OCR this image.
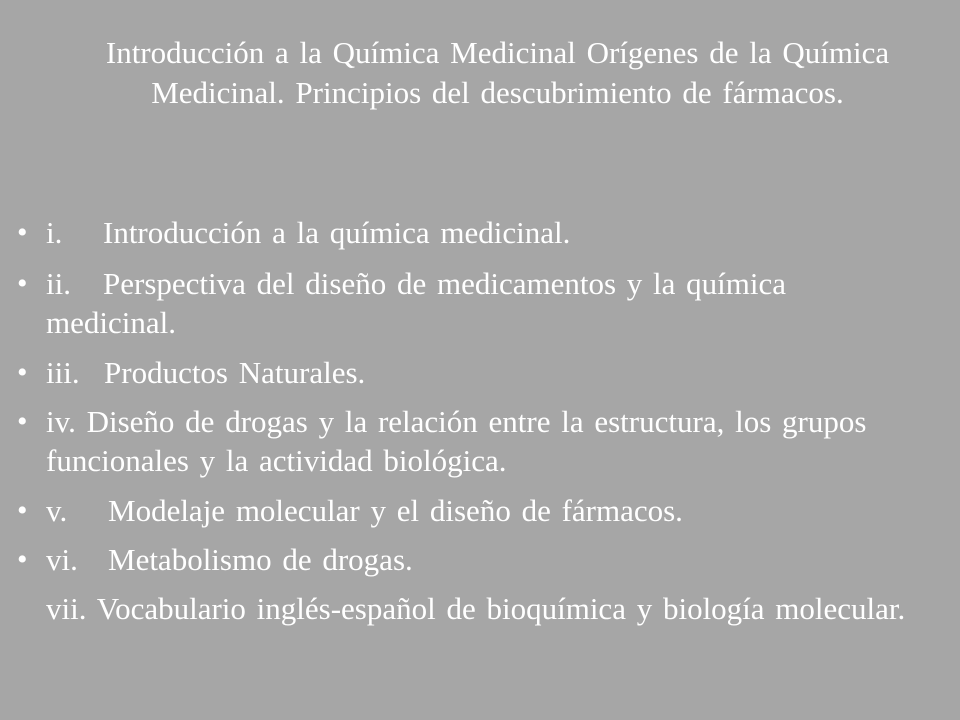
Introducción a la Química Medicinal Orígenes de la Química Medicinal. Principios del descubrimiento de fármacos.
• i. Introducción a la química medicinal.
• ii. Perspectiva del diseño de medicamentos y la química medicinal.
• iii. Productos Naturales.
• iv. Diseño de drogas y la relación entre la estructura, los grupos funcionales y la actividad biológica.
• v. Modelaje molecular y el diseño de fármacos.
• vi. Metabolismo de drogas.
vii. Vocabulario inglés-español de bioquímica y biología molecular.
